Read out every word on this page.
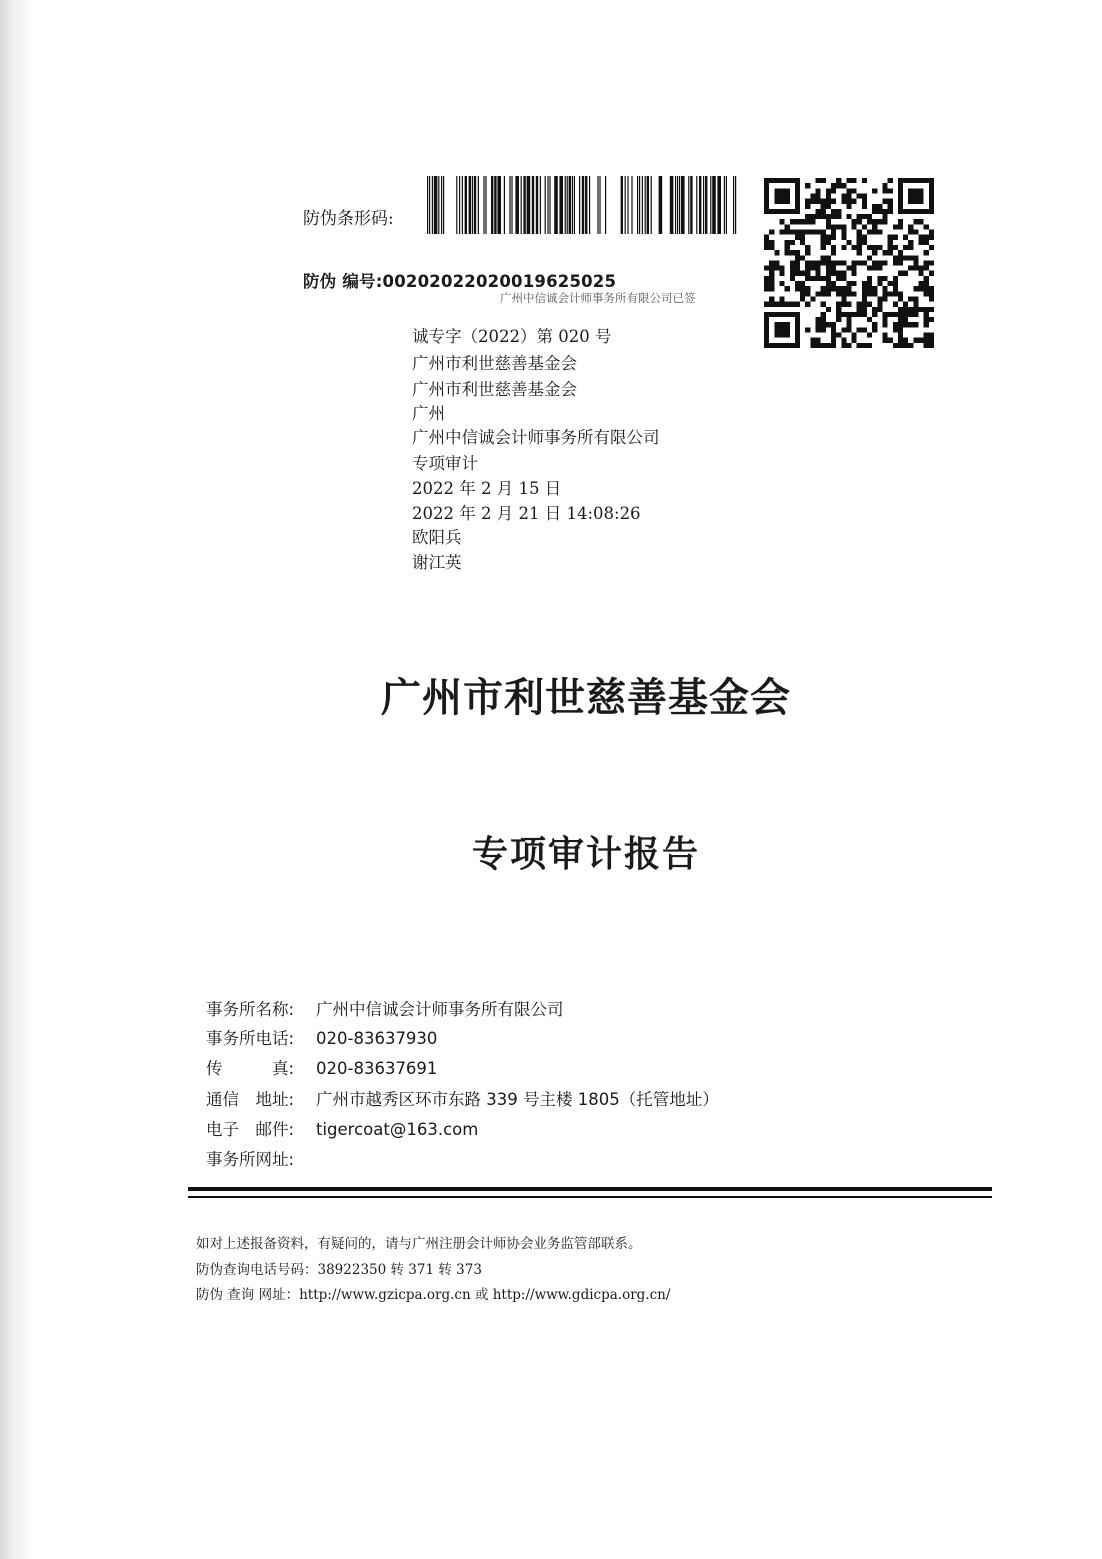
防伪条形码:
防伪 编号:00202022020019625025
广州中信诚会计师事务所有限公司已签
诚专字（2022）第 020 号
广州市利世慈善基金会
广州市利世慈善基金会
广州
广州中信诚会计师事务所有限公司
专项审计
2022 年 2 月 15 日
2022 年 2 月 21 日 14:08:26
欧阳兵
谢江英
广州市利世慈善基金会
专项审计报告
事务所名称: 广州中信诚会计师事务所有限公司
事务所电话: 020-83637930
传　　　真: 020-83637691
通信　地址: 广州市越秀区环市东路 339 号主楼 1805（托管地址）
电子　邮件: tigercoat@163.com
事务所网址:
如对上述报备资料，有疑问的，请与广州注册会计师协会业务监管部联系。
防伪查询电话号码：38922350 转 371 转 373
防伪 查询 网址：http://www.gzicpa.org.cn 或 http://www.gdicpa.org.cn/
